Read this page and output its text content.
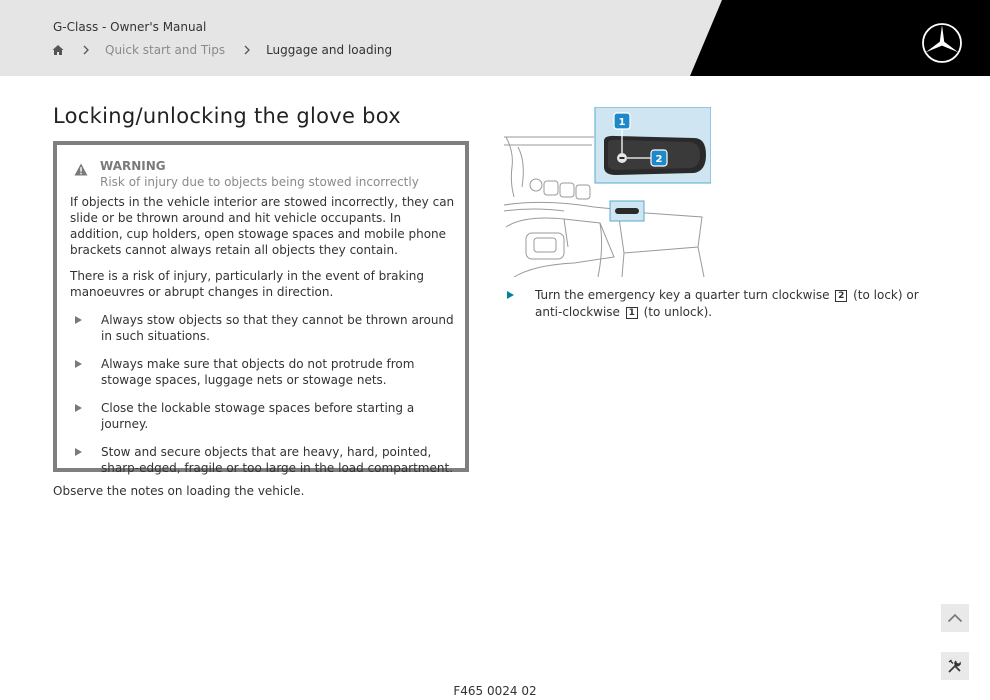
G-Class - Owner's Manual
Quick start and Tips	Luggage and loading
Locking/unlocking the glove box
WARNING
Risk of injury due to objects being stowed incorrectly
If objects in the vehicle interior are stowed incorrectly, they can slide or be thrown around and hit vehicle occupants. In addition, cup holders, open stowage spaces and mobile phone brackets cannot always retain all objects they contain.
There is a risk of injury, particularly in the event of braking manoeuvres or abrupt changes in direction.
Always stow objects so that they cannot be thrown around in such situations.
Always make sure that objects do not protrude from stowage spaces, luggage nets or stowage nets.
Close the lockable stowage spaces before starting a journey.
Stow and secure objects that are heavy, hard, pointed, sharp-edged, fragile or too large in the load compartment.
Observe the notes on loading the vehicle.
1
2
Turn the emergency key a quarter turn clockwise 2 (to lock) or anti-clockwise 1 (to unlock).
F465 0024 02
